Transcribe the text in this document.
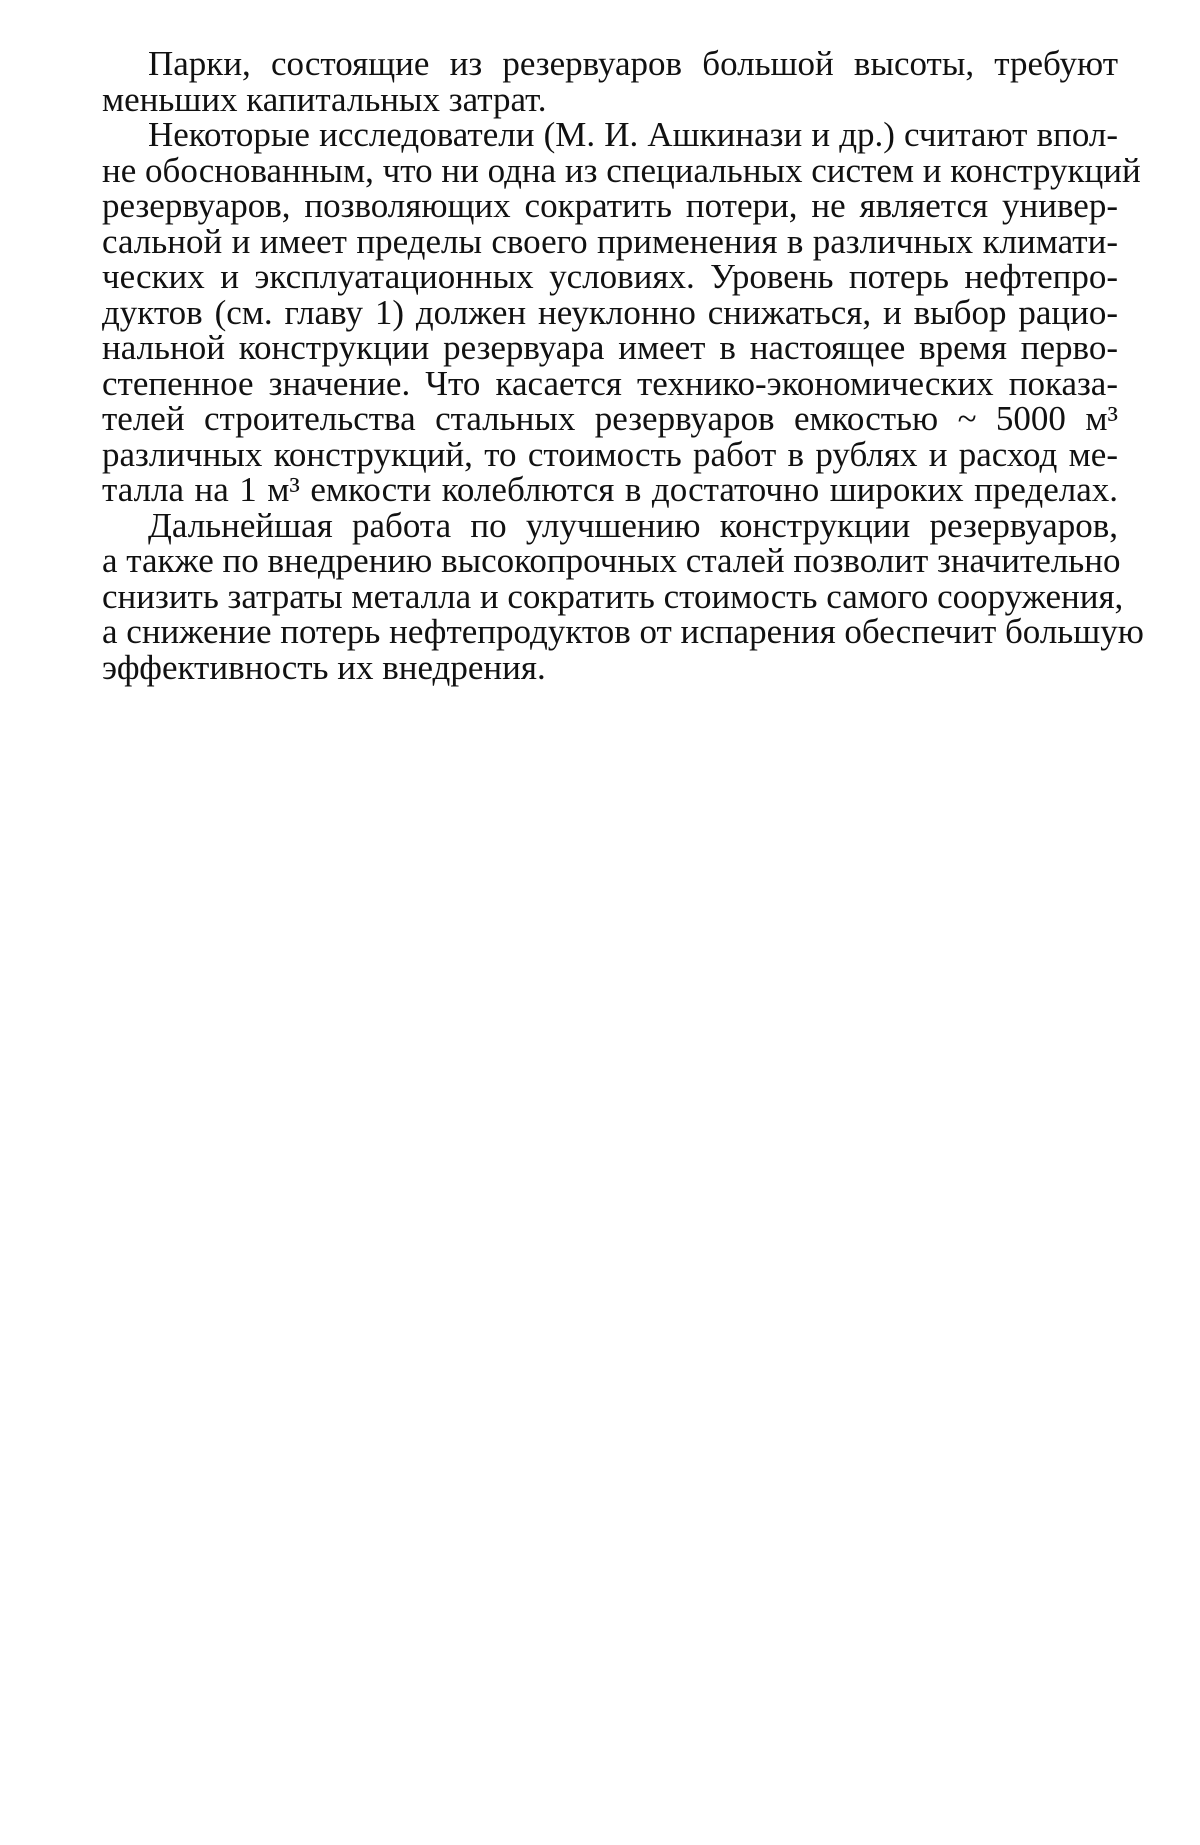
Парки, состоящие из резервуаров большой высоты, требуют
меньших капитальных затрат.
Некоторые исследователи (М. И. Ашкинази и др.) считают впол-
не обоснованным, что ни одна из специальных систем и конструкций
резервуаров, позволяющих сократить потери, не является универ-
сальной и имеет пределы своего применения в различных климати-
ческих и эксплуатационных условиях. Уровень потерь нефтепро-
дуктов (см. главу 1) должен неуклонно снижаться, и выбор рацио-
нальной конструкции резервуара имеет в настоящее время перво-
степенное значение. Что касается технико-экономических показа-
телей строительства стальных резервуаров емкостью ~ 5000 м³
различных конструкций, то стоимость работ в рублях и расход ме-
талла на 1 м³ емкости колеблются в достаточно широких пределах.
Дальнейшая работа по улучшению конструкции резервуаров,
а также по внедрению высокопрочных сталей позволит значительно
снизить затраты металла и сократить стоимость самого сооружения,
а снижение потерь нефтепродуктов от испарения обеспечит большую
эффективность их внедрения.
